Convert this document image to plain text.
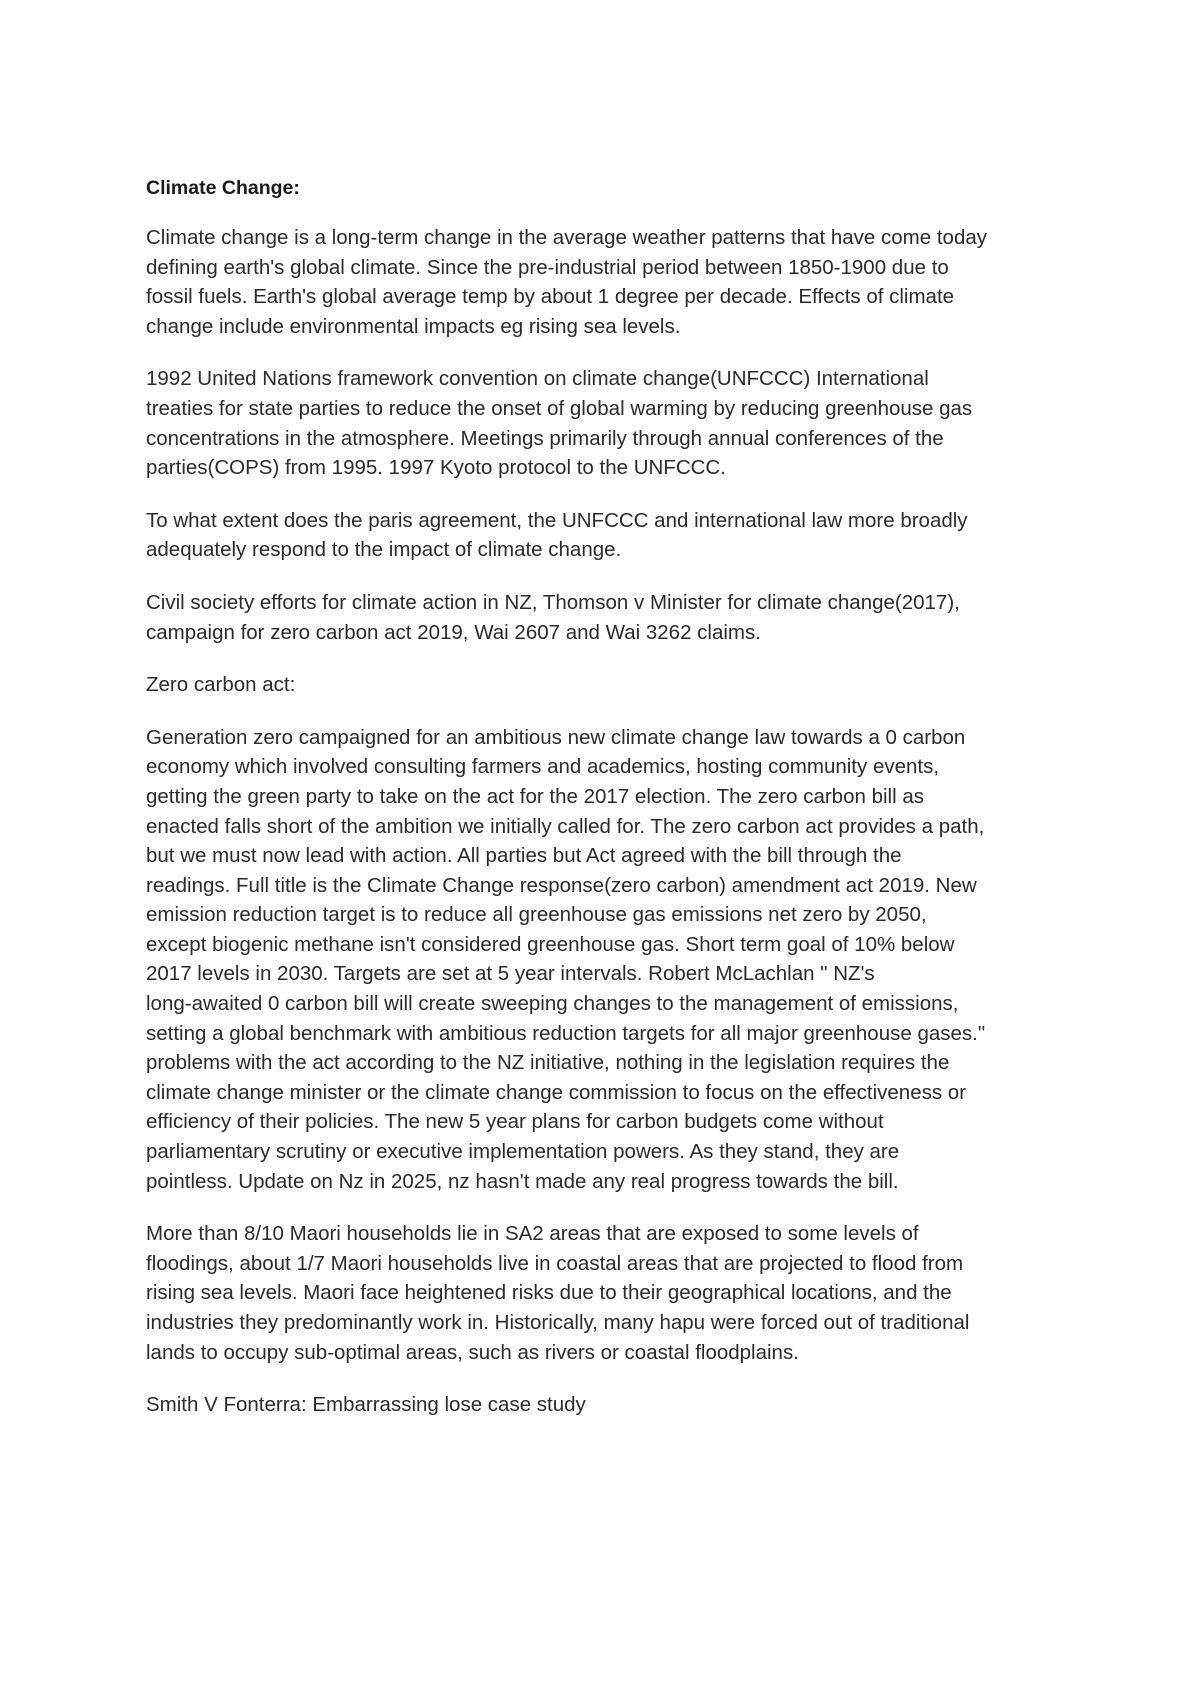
Climate Change:
Climate change is a long-term change in the average weather patterns that have come today
defining earth's global climate. Since the pre-industrial period between 1850-1900 due to
fossil fuels. Earth's global average temp by about 1 degree per decade. Effects of climate
change include environmental impacts eg rising sea levels.
1992 United Nations framework convention on climate change(UNFCCC) International
treaties for state parties to reduce the onset of global warming by reducing greenhouse gas
concentrations in the atmosphere. Meetings primarily through annual conferences of the
parties(COPS) from 1995. 1997 Kyoto protocol to the UNFCCC.
To what extent does the paris agreement, the UNFCCC and international law more broadly
adequately respond to the impact of climate change.
Civil society efforts for climate action in NZ, Thomson v Minister for climate change(2017),
campaign for zero carbon act 2019, Wai 2607 and Wai 3262 claims.
Zero carbon act:
Generation zero campaigned for an ambitious new climate change law towards a 0 carbon
economy which involved consulting farmers and academics, hosting community events,
getting the green party to take on the act for the 2017 election. The zero carbon bill as
enacted falls short of the ambition we initially called for. The zero carbon act provides a path,
but we must now lead with action. All parties but Act agreed with the bill through the
readings. Full title is the Climate Change response(zero carbon) amendment act 2019. New
emission reduction target is to reduce all greenhouse gas emissions net zero by 2050,
except biogenic methane isn't considered greenhouse gas. Short term goal of 10% below
2017 levels in 2030. Targets are set at 5 year intervals. Robert McLachlan " NZ's
long-awaited 0 carbon bill will create sweeping changes to the management of emissions,
setting a global benchmark with ambitious reduction targets for all major greenhouse gases."
problems with the act according to the NZ initiative, nothing in the legislation requires the
climate change minister or the climate change commission to focus on the effectiveness or
efficiency of their policies. The new 5 year plans for carbon budgets come without
parliamentary scrutiny or executive implementation powers. As they stand, they are
pointless. Update on Nz in 2025, nz hasn't made any real progress towards the bill.
More than 8/10 Maori households lie in SA2 areas that are exposed to some levels of
floodings, about 1/7 Maori households live in coastal areas that are projected to flood from
rising sea levels. Maori face heightened risks due to their geographical locations, and the
industries they predominantly work in. Historically, many hapu were forced out of traditional
lands to occupy sub-optimal areas, such as rivers or coastal floodplains.
Smith V Fonterra: Embarrassing lose case study
